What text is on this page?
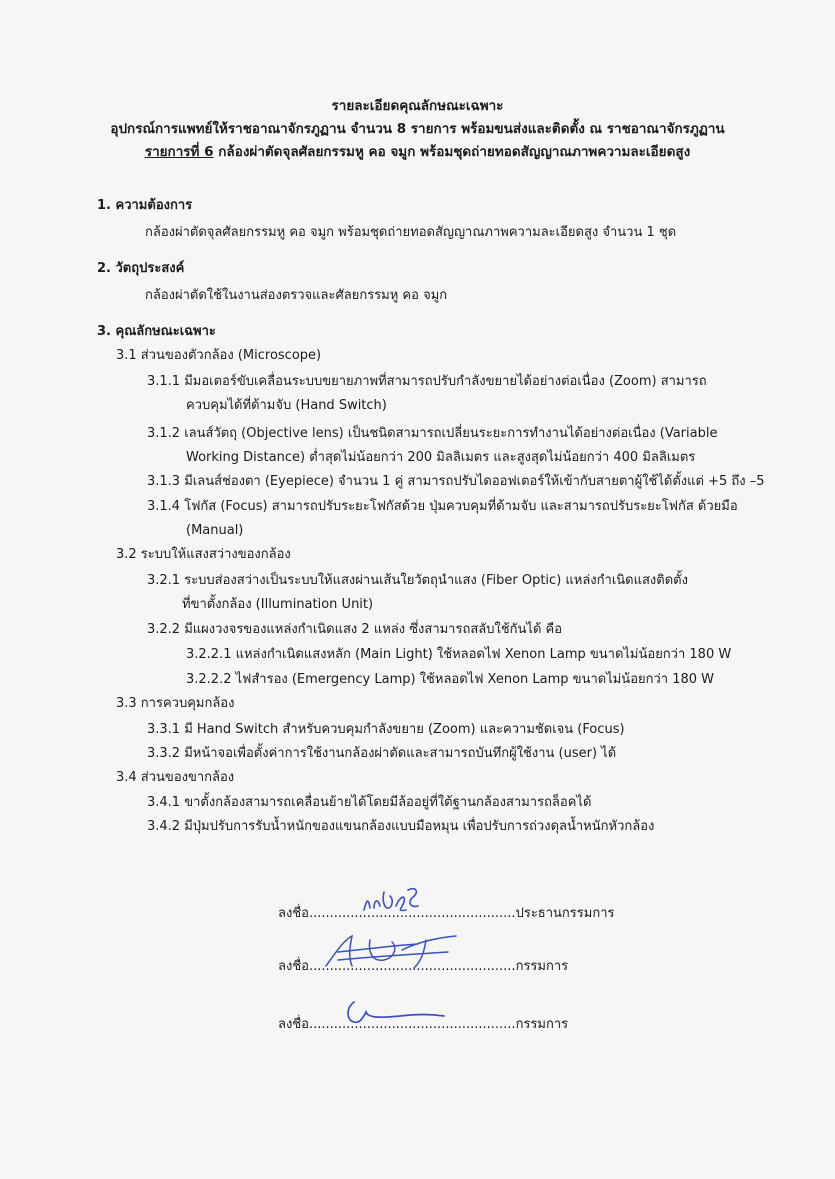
รายละเอียดคุณลักษณะเฉพาะ
อุปกรณ์การแพทย์ให้ราชอาณาจักรภูฏาน จำนวน 8 รายการ พร้อมขนส่งและติดตั้ง ณ ราชอาณาจักรภูฏาน
รายการที่ 6 กล้องผ่าตัดจุลศัลยกรรมหู คอ จมูก พร้อมชุดถ่ายทอดสัญญาณภาพความละเอียดสูง
1. ความต้องการ
กล้องผ่าตัดจุลศัลยกรรมหู คอ จมูก พร้อมชุดถ่ายทอดสัญญาณภาพความละเอียดสูง จำนวน 1 ชุด
2. วัตถุประสงค์
กล้องผ่าตัดใช้ในงานส่องตรวจและศัลยกรรมหู คอ จมูก
3. คุณลักษณะเฉพาะ
3.1 ส่วนของตัวกล้อง (Microscope)
3.1.1 มีมอเตอร์ขับเคลื่อนระบบขยายภาพที่สามารถปรับกำลังขยายได้อย่างต่อเนื่อง (Zoom) สามารถ
ควบคุมได้ที่ด้ามจับ (Hand Switch)
3.1.2 เลนส์วัตถุ (Objective lens) เป็นชนิดสามารถเปลี่ยนระยะการทำงานได้อย่างต่อเนื่อง (Variable
Working Distance) ต่ำสุดไม่น้อยกว่า 200 มิลลิเมตร และสูงสุดไม่น้อยกว่า 400 มิลลิเมตร
3.1.3 มีเลนส์ช่องตา (Eyepiece) จำนวน 1 คู่ สามารถปรับไดออฟเตอร์ให้เข้ากับสายตาผู้ใช้ได้ตั้งแต่ +5 ถึง –5
3.1.4 โฟกัส (Focus) สามารถปรับระยะโฟกัสด้วย ปุ่มควบคุมที่ด้ามจับ และสามารถปรับระยะโฟกัส ด้วยมือ
(Manual)
3.2 ระบบให้แสงสว่างของกล้อง
3.2.1 ระบบส่องสว่างเป็นระบบให้แสงผ่านเส้นใยวัตถุนำแสง (Fiber Optic) แหล่งกำเนิดแสงติดตั้ง
ที่ขาตั้งกล้อง (Illumination Unit)
3.2.2 มีแผงวงจรของแหล่งกำเนิดแสง 2 แหล่ง ซึ่งสามารถสลับใช้กันได้ คือ
3.2.2.1 แหล่งกำเนิดแสงหลัก (Main Light) ใช้หลอดไฟ Xenon Lamp ขนาดไม่น้อยกว่า 180 W
3.2.2.2 ไฟสำรอง (Emergency Lamp) ใช้หลอดไฟ Xenon Lamp ขนาดไม่น้อยกว่า 180 W
3.3 การควบคุมกล้อง
3.3.1 มี Hand Switch สำหรับควบคุมกำลังขยาย (Zoom) และความชัดเจน (Focus)
3.3.2 มีหน้าจอเพื่อตั้งค่าการใช้งานกล้องผ่าตัดและสามารถบันทึกผู้ใช้งาน (user) ได้
3.4 ส่วนของขากล้อง
3.4.1 ขาตั้งกล้องสามารถเคลื่อนย้ายได้โดยมีล้ออยู่ที่ใต้ฐานกล้องสามารถล็อคได้
3.4.2 มีปุ่มปรับการรับน้ำหนักของแขนกล้องแบบมือหมุน เพื่อปรับการถ่วงดุลน้ำหนักหัวกล้อง
ลงชื่อ..................................................ประธานกรรมการ
ลงชื่อ..................................................กรรมการ
ลงชื่อ..................................................กรรมการ
